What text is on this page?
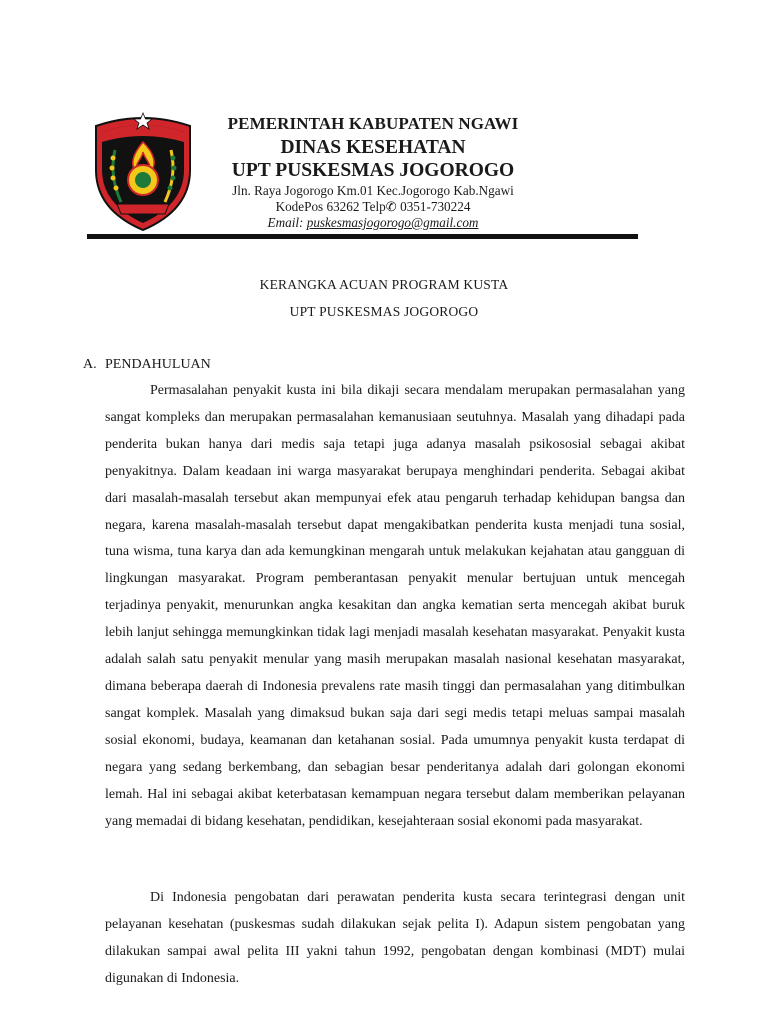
PEMERINTAH KABUPATEN NGAWI
DINAS KESEHATAN
UPT PUSKESMAS JOGOROGO
Jln. Raya Jogorogo Km.01 Kec.Jogorogo Kab.Ngawi
KodePos 63262 Telp✆ 0351-730224
Email: puskesmasjogorogo@gmail.com
KERANGKA ACUAN PROGRAM KUSTA
UPT PUSKESMAS JOGOROGO
A. PENDAHULUAN

Permasalahan penyakit kusta ini bila dikaji secara mendalam merupakan permasalahan yang sangat kompleks dan merupakan permasalahan kemanusiaan seutuhnya. Masalah yang dihadapi pada penderita bukan hanya dari medis saja tetapi juga adanya masalah psikososial sebagai akibat penyakitnya. Dalam keadaan ini warga masyarakat berupaya menghindari penderita. Sebagai akibat dari masalah-masalah tersebut akan mempunyai efek atau pengaruh terhadap kehidupan bangsa dan negara, karena masalah-masalah tersebut dapat mengakibatkan penderita kusta menjadi tuna sosial, tuna wisma, tuna karya dan ada kemungkinan mengarah untuk melakukan kejahatan atau gangguan di lingkungan masyarakat. Program pemberantasan penyakit menular bertujuan untuk mencegah terjadinya penyakit, menurunkan angka kesakitan dan angka kematian serta mencegah akibat buruk lebih lanjut sehingga memungkinkan tidak lagi menjadi masalah kesehatan masyarakat. Penyakit kusta adalah salah satu penyakit menular yang masih merupakan masalah nasional kesehatan masyarakat, dimana beberapa daerah di Indonesia prevalens rate masih tinggi dan permasalahan yang ditimbulkan sangat komplek. Masalah yang dimaksud bukan saja dari segi medis tetapi meluas sampai masalah sosial ekonomi, budaya, keamanan dan ketahanan sosial. Pada umumnya penyakit kusta terdapat di negara yang sedang berkembang, dan sebagian besar penderitanya adalah dari golongan ekonomi lemah. Hal ini sebagai akibat keterbatasan kemampuan negara tersebut dalam memberikan pelayanan yang memadai di bidang kesehatan, pendidikan, kesejahteraan sosial ekonomi pada masyarakat.

Di Indonesia pengobatan dari perawatan penderita kusta secara terintegrasi dengan unit pelayanan kesehatan (puskesmas sudah dilakukan sejak pelita I). Adapun sistem pengobatan yang dilakukan sampai awal pelita III yakni tahun 1992, pengobatan dengan kombinasi (MDT) mulai digunakan di Indonesia.
